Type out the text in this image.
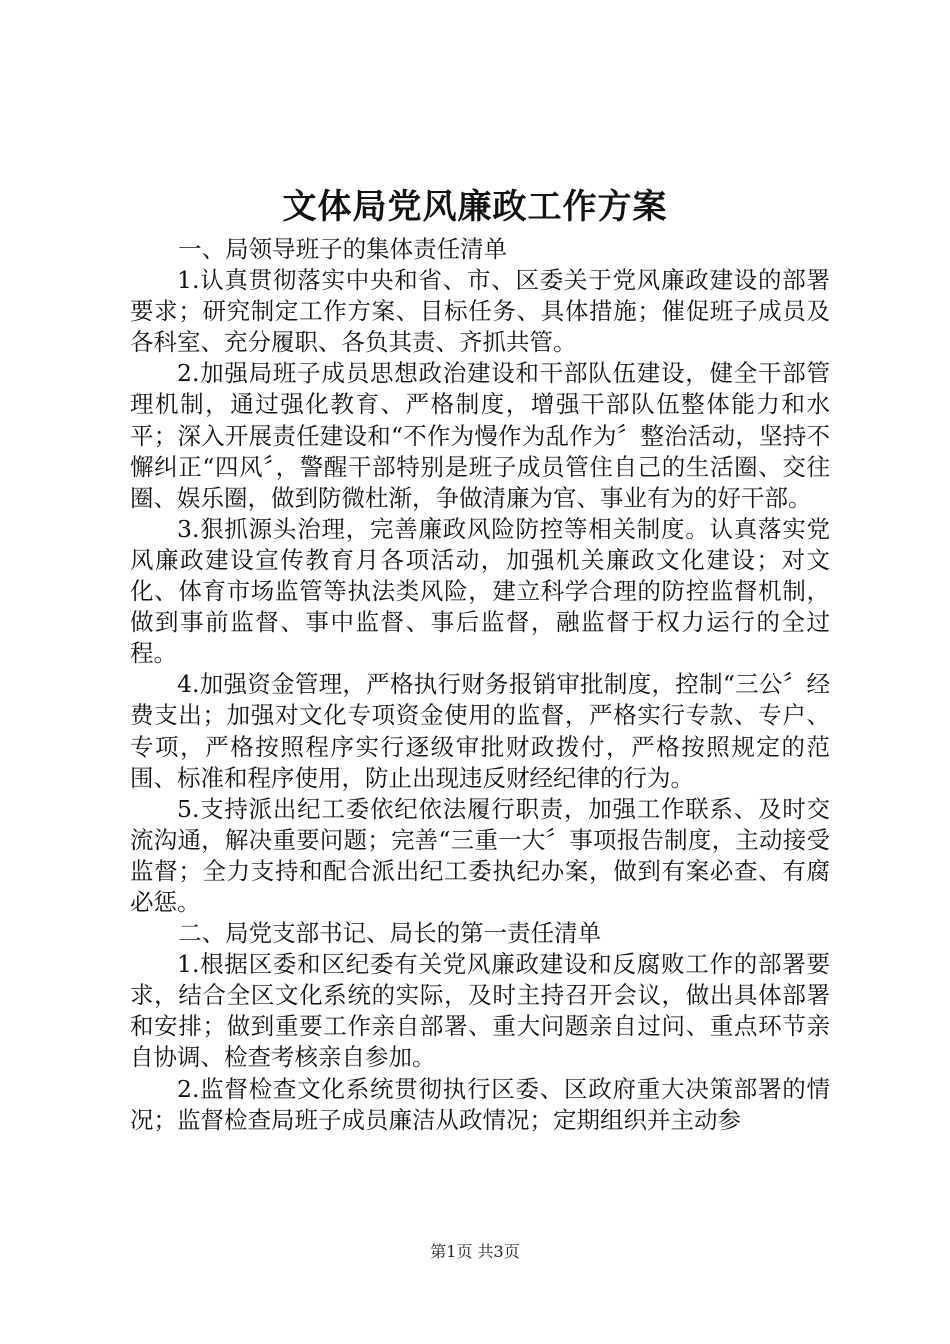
文体局党风廉政工作方案

一、局领导班子的集体责任清单

1.认真贯彻落实中央和省、市、区委关于党风廉政建设的部署要求；研究制定工作方案、目标任务、具体措施；催促班子成员及各科室、充分履职、各负其责、齐抓共管。

2.加强局班子成员思想政治建设和干部队伍建设，健全干部管理机制，通过强化教育、严格制度，增强干部队伍整体能力和水平；深入开展责任建设和“不作为慢作为乱作为〞整治活动，坚持不懈纠正“四风〞，警醒干部特别是班子成员管住自己的生活圈、交往圈、娱乐圈，做到防微杜渐，争做清廉为官、事业有为的好干部。

3.狠抓源头治理，完善廉政风险防控等相关制度。认真落实党风廉政建设宣传教育月各项活动，加强机关廉政文化建设；对文化、体育市场监管等执法类风险，建立科学合理的防控监督机制，做到事前监督、事中监督、事后监督，融监督于权力运行的全过程。

4.加强资金管理，严格执行财务报销审批制度，控制“三公〞经费支出；加强对文化专项资金使用的监督，严格实行专款、专户、专项，严格按照程序实行逐级审批财政拨付，严格按照规定的范围、标准和程序使用，防止出现违反财经纪律的行为。

5.支持派出纪工委依纪依法履行职责，加强工作联系、及时交流沟通，解决重要问题；完善“三重一大〞事项报告制度，主动接受监督；全力支持和配合派出纪工委执纪办案，做到有案必查、有腐必惩。

二、局党支部书记、局长的第一责任清单

1.根据区委和区纪委有关党风廉政建设和反腐败工作的部署要求，结合全区文化系统的实际，及时主持召开会议，做出具体部署和安排；做到重要工作亲自部署、重大问题亲自过问、重点环节亲自协调、检查考核亲自参加。

2.监督检查文化系统贯彻执行区委、区政府重大决策部署的情况；监督检查局班子成员廉洁从政情况；定期组织并主动参

第1页 共3页
